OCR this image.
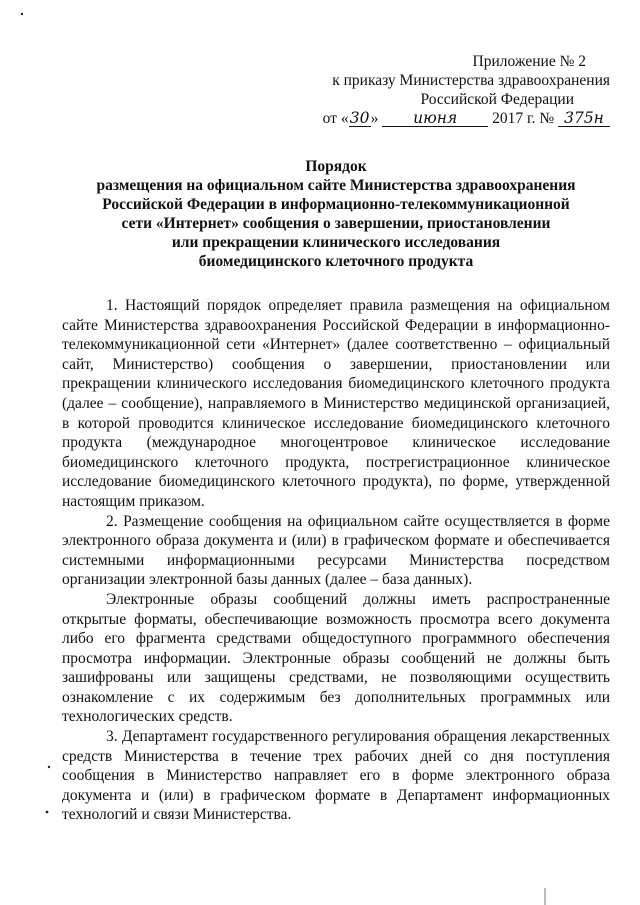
Приложение № 2
к приказу Министерства здравоохранения
Российской Федерации
от «30» июня 2017 г. № 375н
Порядок
размещения на официальном сайте Министерства здравоохранения
Российской Федерации в информационно-телекоммуникационной
сети «Интернет» сообщения о завершении, приостановлении
или прекращении клинического исследования
биомедицинского клеточного продукта

1. Настоящий порядок определяет правила размещения на официальном сайте Министерства здравоохранения Российской Федерации в информационно-телекоммуникационной сети «Интернет» (далее соответственно – официальный сайт, Министерство) сообщения о завершении, приостановлении или прекращении клинического исследования биомедицинского клеточного продукта (далее – сообщение), направляемого в Министерство медицинской организацией, в которой проводится клиническое исследование биомедицинского клеточного продукта (международное многоцентровое клиническое исследование биомедицинского клеточного продукта, пострегистрационное клиническое исследование биомедицинского клеточного продукта), по форме, утвержденной настоящим приказом.

2. Размещение сообщения на официальном сайте осуществляется в форме электронного образа документа и (или) в графическом формате и обеспечивается системными информационными ресурсами Министерства посредством организации электронной базы данных (далее – база данных).

Электронные образы сообщений должны иметь распространенные открытые форматы, обеспечивающие возможность просмотра всего документа либо его фрагмента средствами общедоступного программного обеспечения просмотра информации. Электронные образы сообщений не должны быть зашифрованы или защищены средствами, не позволяющими осуществить ознакомление с их содержимым без дополнительных программных или технологических средств.

3. Департамент государственного регулирования обращения лекарственных средств Министерства в течение трех рабочих дней со дня поступления сообщения в Министерство направляет его в форме электронного образа документа и (или) в графическом формате в Департамент информационных технологий и связи Министерства.
